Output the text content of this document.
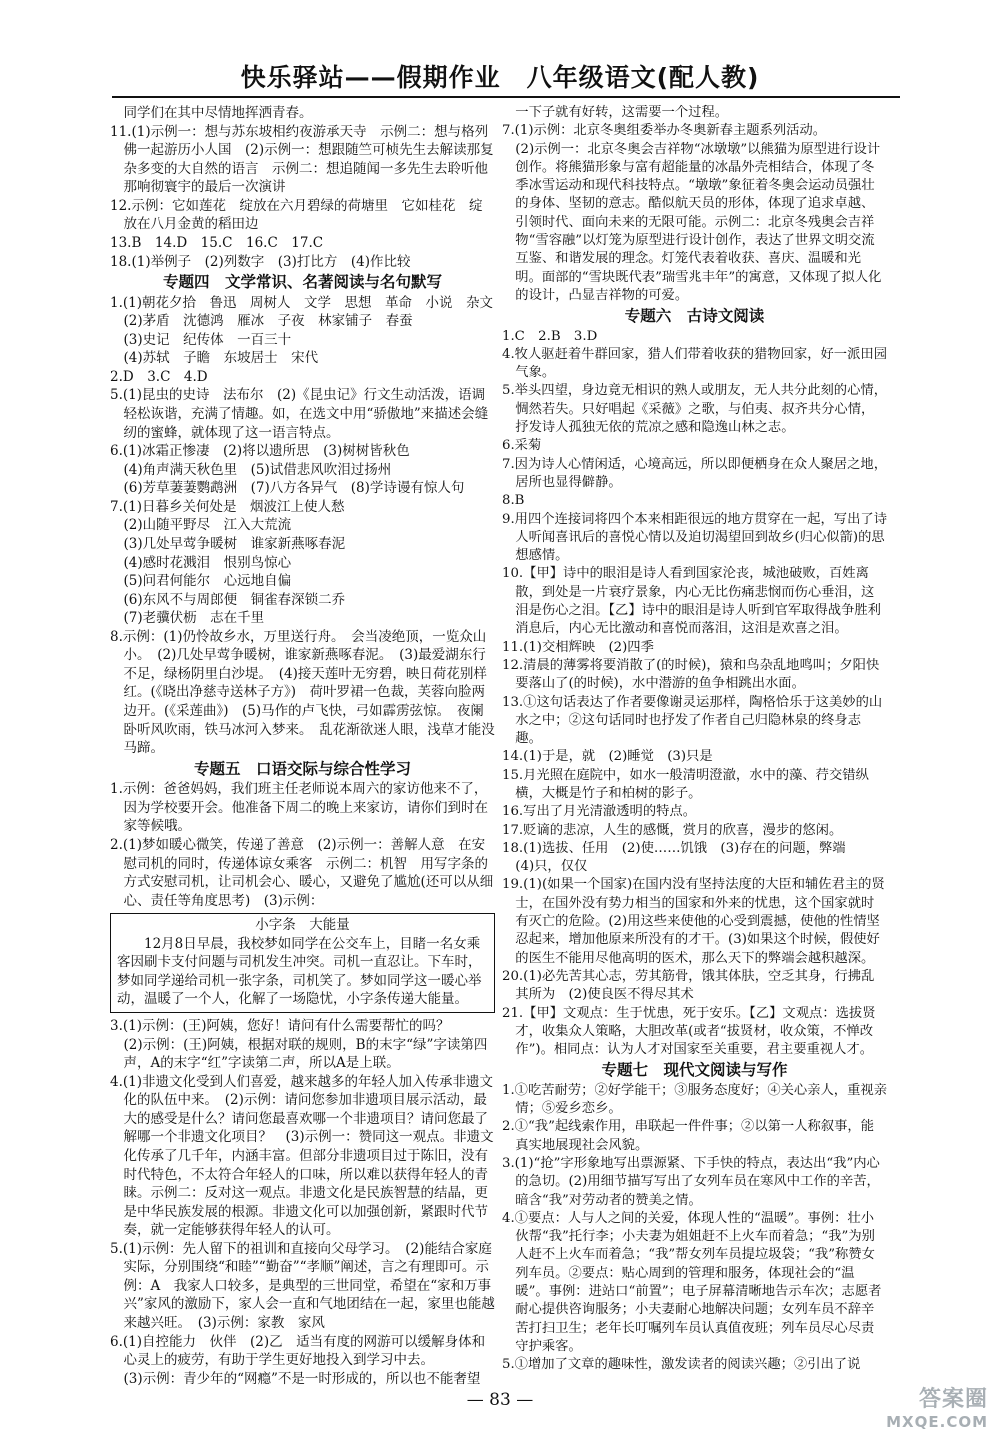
快乐驿站——假期作业　八年级语文(配人教)

同学们在其中尽情地挥洒青春。

11.(1)示例一：想与苏东坡相约夜游承天寺　示例二：想与格列佛一起游历小人国　(2)示例一：想跟随竺可桢先生去解读那复杂多变的大自然的语言　示例二：想追随闻一多先生去聆听他那响彻寰宇的最后一次演讲

12.示例：它如莲花　绽放在六月碧绿的荷塘里　它如桂花　绽放在八月金黄的稻田边

13.B　14.D　15.C　16.C　17.C

18.(1)举例子　(2)列数字　(3)打比方　(4)作比较

专题四　文学常识、名著阅读与名句默写

1.(1)朝花夕拾　鲁迅　周树人　文学　思想　革命　小说　杂文

(2)茅盾　沈德鸿　雁冰　子夜　林家铺子　春蚕

(3)史记　纪传体　一百三十

(4)苏轼　子瞻　东坡居士　宋代

2.D　3.C　4.D

5.(1)昆虫的史诗　法布尔　(2)《昆虫记》行文生动活泼，语调轻松诙谐，充满了情趣。如，在选文中用“骄傲地”来描述会缝纫的蜜蜂，就体现了这一语言特点。

6.(1)冰霜正惨凄　(2)将以遗所思　(3)树树皆秋色

(4)角声满天秋色里　(5)试借悲风吹泪过扬州

(6)芳草萋萋鹦鹉洲　(7)八方各异气　(8)学诗谩有惊人句

7.(1)日暮乡关何处是　烟波江上使人愁

(2)山随平野尽　江入大荒流

(3)几处早莺争暖树　谁家新燕啄春泥

(4)感时花溅泪　恨别鸟惊心

(5)问君何能尔　心远地自偏

(6)东风不与周郎便　铜雀春深锁二乔

(7)老骥伏枥　志在千里

8.示例：(1)仍怜故乡水，万里送行舟。　会当凌绝顶，一览众山小。　(2)几处早莺争暖树，谁家新燕啄春泥。　(3)最爱湖东行不足，绿杨阴里白沙堤。　(4)接天莲叶无穷碧，映日荷花别样红。(《晓出净慈寺送林子方》)　荷叶罗裙一色裁，芙蓉向脸两边开。(《采莲曲》)　(5)马作的卢飞快，弓如霹雳弦惊。　夜阑卧听风吹雨，铁马冰河入梦来。　乱花渐欲迷人眼，浅草才能没马蹄。

专题五　口语交际与综合性学习

1.示例：爸爸妈妈，我们班主任老师说本周六的家访他来不了，因为学校要开会。他准备下周二的晚上来家访，请你们到时在家等候哦。

2.(1)梦如暖心微笑，传递了善意　(2)示例一：善解人意　在安慰司机的同时，传递体谅女乘客　示例二：机智　用写字条的方式安慰司机，让司机会心、暖心，又避免了尴尬(还可以从细心、责任等角度思考)　(3)示例：

小字条　大能量

12月8日早晨，我校梦如同学在公交车上，目睹一名女乘客因刷卡支付问题与司机发生冲突。司机一直忍让。下车时，梦如同学递给司机一张字条，司机笑了。梦如同学这一暖心举动，温暖了一个人，化解了一场隐忧，小字条传递大能量。

3.(1)示例：(王)阿姨，您好！请问有什么需要帮忙的吗？

(2)示例：(王)阿姨，根据对联的规则，B的末字“绿”字读第四声，A的末字“红”字读第二声，所以A是上联。

4.(1)非遗文化受到人们喜爱，越来越多的年轻人加入传承非遗文化的队伍中来。　(2)示例：请问您参加非遗项目展示活动，最大的感受是什么？请问您最喜欢哪一个非遗项目？请问您最了解哪一个非遗文化项目？　(3)示例一：赞同这一观点。非遗文化传承了几千年，内涵丰富。但部分非遗项目过于陈旧，没有时代特色，不太符合年轻人的口味，所以难以获得年轻人的青睐。示例二：反对这一观点。非遗文化是民族智慧的结晶，更是中华民族发展的根源。非遗文化可以加强创新，紧跟时代节奏，就一定能够获得年轻人的认可。

5.(1)示例：先人留下的祖训和直接向父母学习。　(2)能结合家庭实际，分别围绕“和睦”“勤奋”“孝顺”阐述，言之有理即可。示例：A　我家人口较多，是典型的三世同堂，希望在“家和万事兴”家风的激励下，家人会一直和气地团结在一起，家里也能越来越兴旺。　(3)示例：家教　家风

6.(1)自控能力　伙伴　(2)乙　适当有度的网游可以缓解身体和心灵上的疲劳，有助于学生更好地投入到学习中去。

(3)示例：青少年的“网瘾”不是一时形成的，所以也不能奢望

一下子就有好转，这需要一个过程。

7.(1)示例：北京冬奥组委举办冬奥新春主题系列活动。

(2)示例一：北京冬奥会吉祥物“冰墩墩”以熊猫为原型进行设计创作。将熊猫形象与富有超能量的冰晶外壳相结合，体现了冬季冰雪运动和现代科技特点。“墩墩”象征着冬奥会运动员强壮的身体、坚韧的意志。酷似航天员的形体，体现了追求卓越、引领时代、面向未来的无限可能。示例二：北京冬残奥会吉祥物“雪容融”以灯笼为原型进行设计创作，表达了世界文明交流互鉴、和谐发展的理念。灯笼代表着收获、喜庆、温暖和光明。面部的“雪块既代表”瑞雪兆丰年”的寓意，又体现了拟人化的设计，凸显吉祥物的可爱。

专题六　古诗文阅读

1.C　2.B　3.D

4.牧人驱赶着牛群回家，猎人们带着收获的猎物回家，好一派田园气象。

5.举头四望，身边竟无相识的熟人或朋友，无人共分此刻的心情，惆然若失。只好唱起《采薇》之歌，与伯夷、叔齐共分心情，抒发诗人孤独无依的荒凉之感和隐逸山林之志。

6.采菊

7.因为诗人心情闲适，心境高远，所以即便栖身在众人聚居之地，居所也显得僻静。

8.B

9.用四个连接词将四个本来相距很远的地方贯穿在一起，写出了诗人听闻喜讯后的喜悦心情以及迫切渴望回到故乡(归心似箭)的思想感情。

10.【甲】诗中的眼泪是诗人看到国家沦丧，城池破败，百姓离散，到处是一片衰疗景象，内心无比伤痛悲悯而伤心垂泪，这泪是伤心之泪。【乙】诗中的眼泪是诗人听到官军取得战争胜利消息后，内心无比激动和喜悦而落泪，这泪是欢喜之泪。

11.(1)交相辉映　(2)四季

12.清晨的薄雾将要消散了(的时候)，猿和鸟杂乱地鸣叫；夕阳快要落山了(的时候)，水中潜游的鱼争相跳出水面。

13.①这句话表达了作者要像谢灵运那样，陶格恰乐于这美妙的山水之中；②这句话同时也抒发了作者自己归隐林泉的终身志趣。

14.(1)于是，就　(2)睡觉　(3)只是

15.月光照在庭院中，如水一般清明澄澈，水中的藻、荇交错纵横，大概是竹子和柏树的影子。

16.写出了月光清澈透明的特点。

17.贬谪的悲凉，人生的感慨，赏月的欣喜，漫步的悠闲。

18.(1)选拔、任用　(2)使……饥饿　(3)存在的问题，弊端

(4)只，仅仅

19.(1)(如果一个国家)在国内没有坚持法度的大臣和辅佐君主的贤士，在国外没有势力相当的国家和外来的忧患，这个国家就时有灭亡的危险。(2)用这些来使他的心受到震撼，使他的性情坚忍起来，增加他原来所没有的才干。(3)如果这个时候，假使好的医生不能用尽他高明的医术，那么天下的弊端会越积越深。

20.(1)必先苦其心志，劳其筋骨，饿其体肤，空乏其身，行拂乱其所为　(2)使良医不得尽其术

21.【甲】文观点：生于忧患，死于安乐。【乙】文观点：选拔贤才，收集众人策略，大胆改革(或者“拔贤材，收众策，不惮改作”)。相同点：认为人才对国家至关重要，君主要重视人才。

专题七　现代文阅读与写作

1.①吃苦耐劳；②好学能干；③服务态度好；④关心亲人，重视亲情；⑤爱乡恋乡。

2.①“我”起线索作用，串联起一件件事；②以第一人称叙事，能真实地展现社会风貌。

3.(1)“抢”字形象地写出票源紧、下手快的特点，表达出“我”内心的急切。(2)用细节描写写出了女列车员在寒风中工作的辛苦，暗含“我”对劳动者的赞美之情。

4.①要点：人与人之间的关爱，体现人性的“温暖”。事例：壮小伙帮“我”托行李；小夫妻为姐姐赶不上火车而着急；“我”为别人赶不上火车而着急；“我”帮女列车员提垃圾袋；“我”称赞女列车员。②要点：贴心周到的管理和服务，体现社会的“温暖”。事例：进站口“前置”；电子屏幕清晰地告示车次；志愿者耐心提供咨询服务；小夫妻耐心地解决问题；女列车员不辞辛苦打扫卫生；老年长叮嘱列车员认真值夜班；列车员尽心尽责守护乘客。

5.①增加了文章的趣味性，激发读者的阅读兴趣；②引出了说

— 83 —	答案圈
MXQE.COM
